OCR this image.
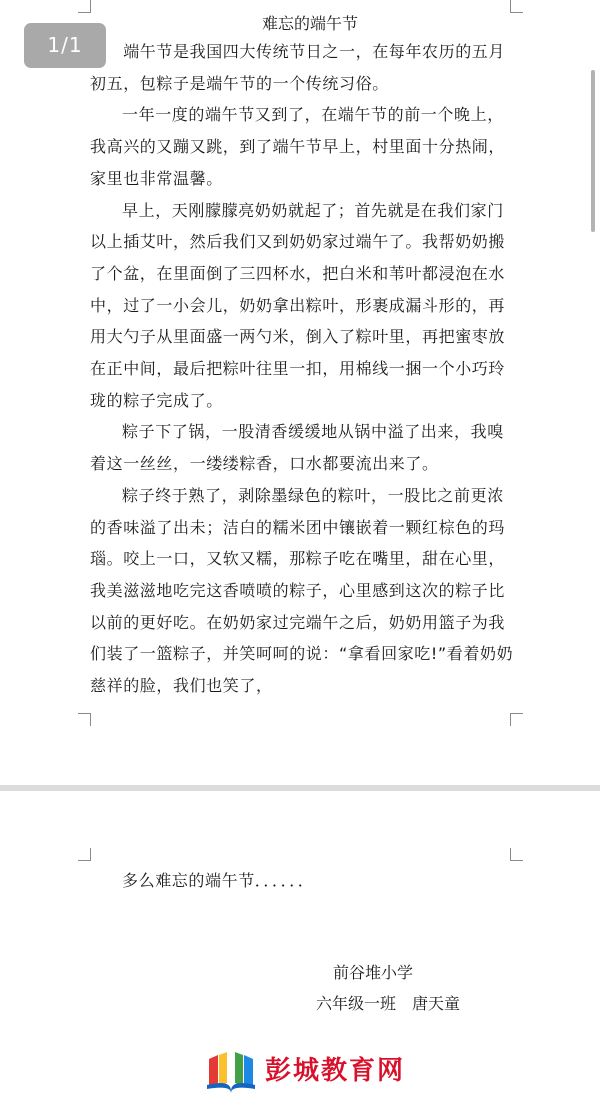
难忘的端午节

　　端午节是我国四大传统节日之一，在每年农历的五月初五，包粽子是端午节的一个传统习俗。

一年一度的端午节又到了，在端午节的前一个晚上，我高兴的又蹦又跳，到了端午节早上，村里面十分热闹，家里也非常温馨。

早上，天刚朦朦亮奶奶就起了；首先就是在我们家门以上插艾叶，然后我们又到奶奶家过端午了。我帮奶奶搬了个盆，在里面倒了三四杯水，把白米和苇叶都浸泡在水中，过了一小会儿，奶奶拿出粽叶，形裹成漏斗形的，再用大勺子从里面盛一两勺米，倒入了粽叶里，再把蜜枣放在正中间，最后把粽叶往里一扣，用棉线一捆一个小巧玲珑的粽子完成了。

粽子下了锅，一股清香缓缓地从锅中溢了出来，我嗅着这一丝丝，一缕缕粽香，口水都要流出来了。

粽子终于熟了，剥除墨绿色的粽叶，一股比之前更浓的香味溢了出未；洁白的糯米团中镶嵌着一颗红棕色的玛瑙。咬上一口，又软又糯，那粽子吃在嘴里，甜在心里，我美滋滋地吃完这香喷喷的粽子，心里感到这次的粽子比以前的更好吃。在奶奶家过完端午之后，奶奶用篮子为我们装了一篮粽子，并笑呵呵的说：“拿看回家吃!”看着奶奶慈祥的脸，我们也笑了，

多么难忘的端午节．．．．．．
前谷堆小学
六年级一班　唐天童
彭城教育网
1/1
